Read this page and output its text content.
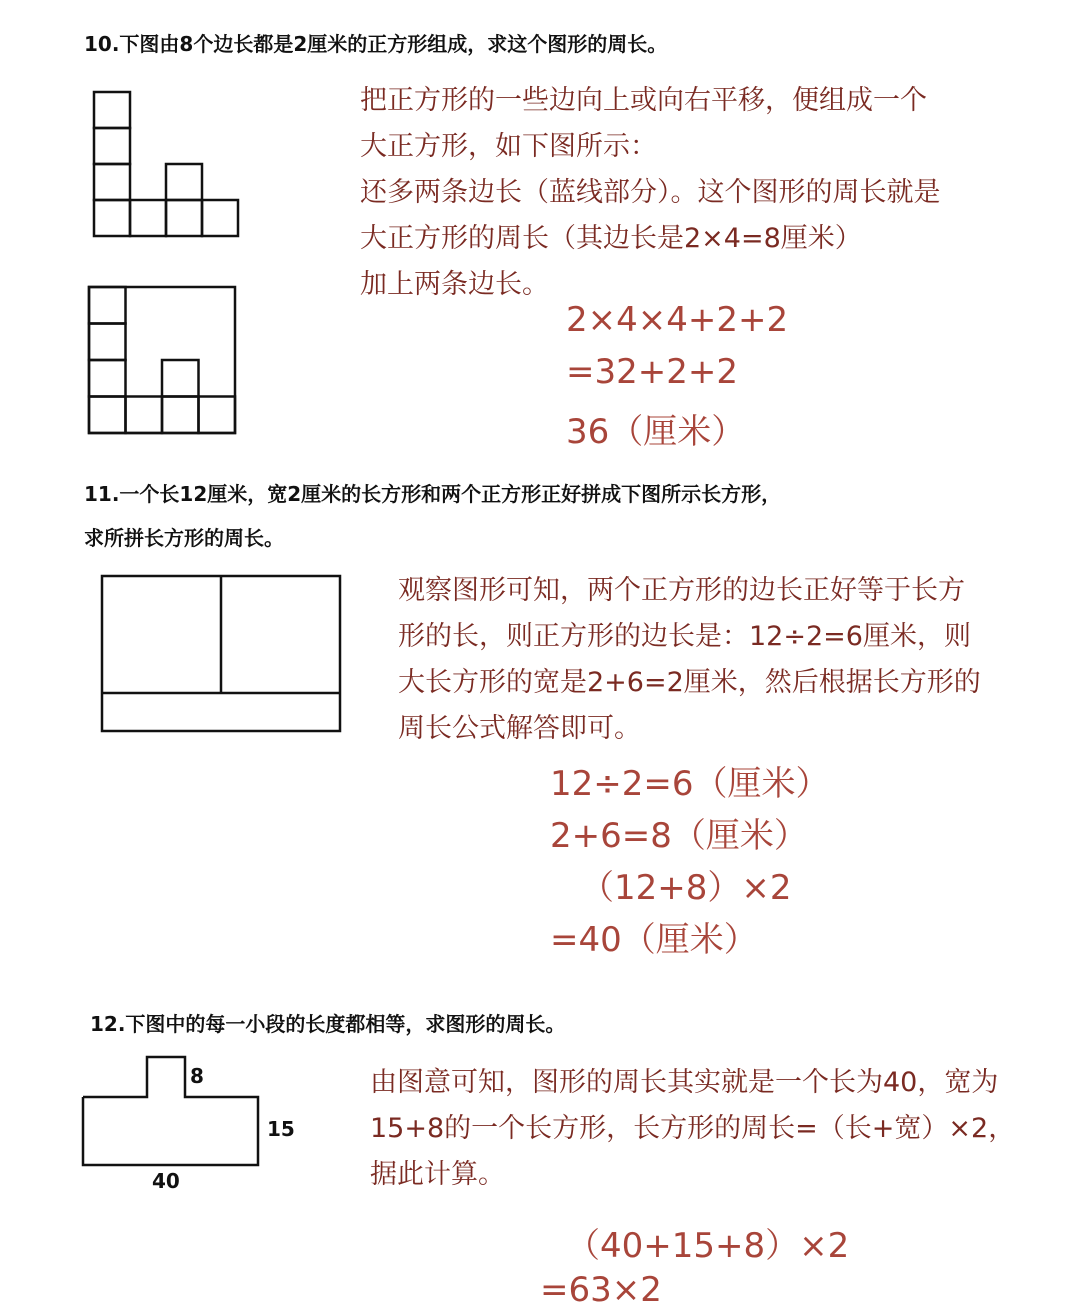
10.下图由8个边长都是2厘米的正方形组成，求这个图形的周长。
把正方形的一些边向上或向右平移，便组成一个
大正方形，如下图所示：
还多两条边长（蓝线部分）。这个图形的周长就是
大正方形的周长（其边长是2×4=8厘米）
加上两条边长。
2×4×4+2+2
=32+2+2
36（厘米）
11.一个长12厘米，宽2厘米的长方形和两个正方形正好拼成下图所示长方形，
求所拼长方形的周长。
观察图形可知，两个正方形的边长正好等于长方
形的长，则正方形的边长是：12÷2=6厘米，则
大长方形的宽是2+6=2厘米，然后根据长方形的
周长公式解答即可。
12÷2=6（厘米）
2+6=8（厘米）
（12+8）×2
=40（厘米）
12.下图中的每一小段的长度都相等，求图形的周长。
8
15
40
由图意可知，图形的周长其实就是一个长为40，宽为
15+8的一个长方形，长方形的周长=（长+宽）×2，
据此计算。
（40+15+8）×2
=63×2
